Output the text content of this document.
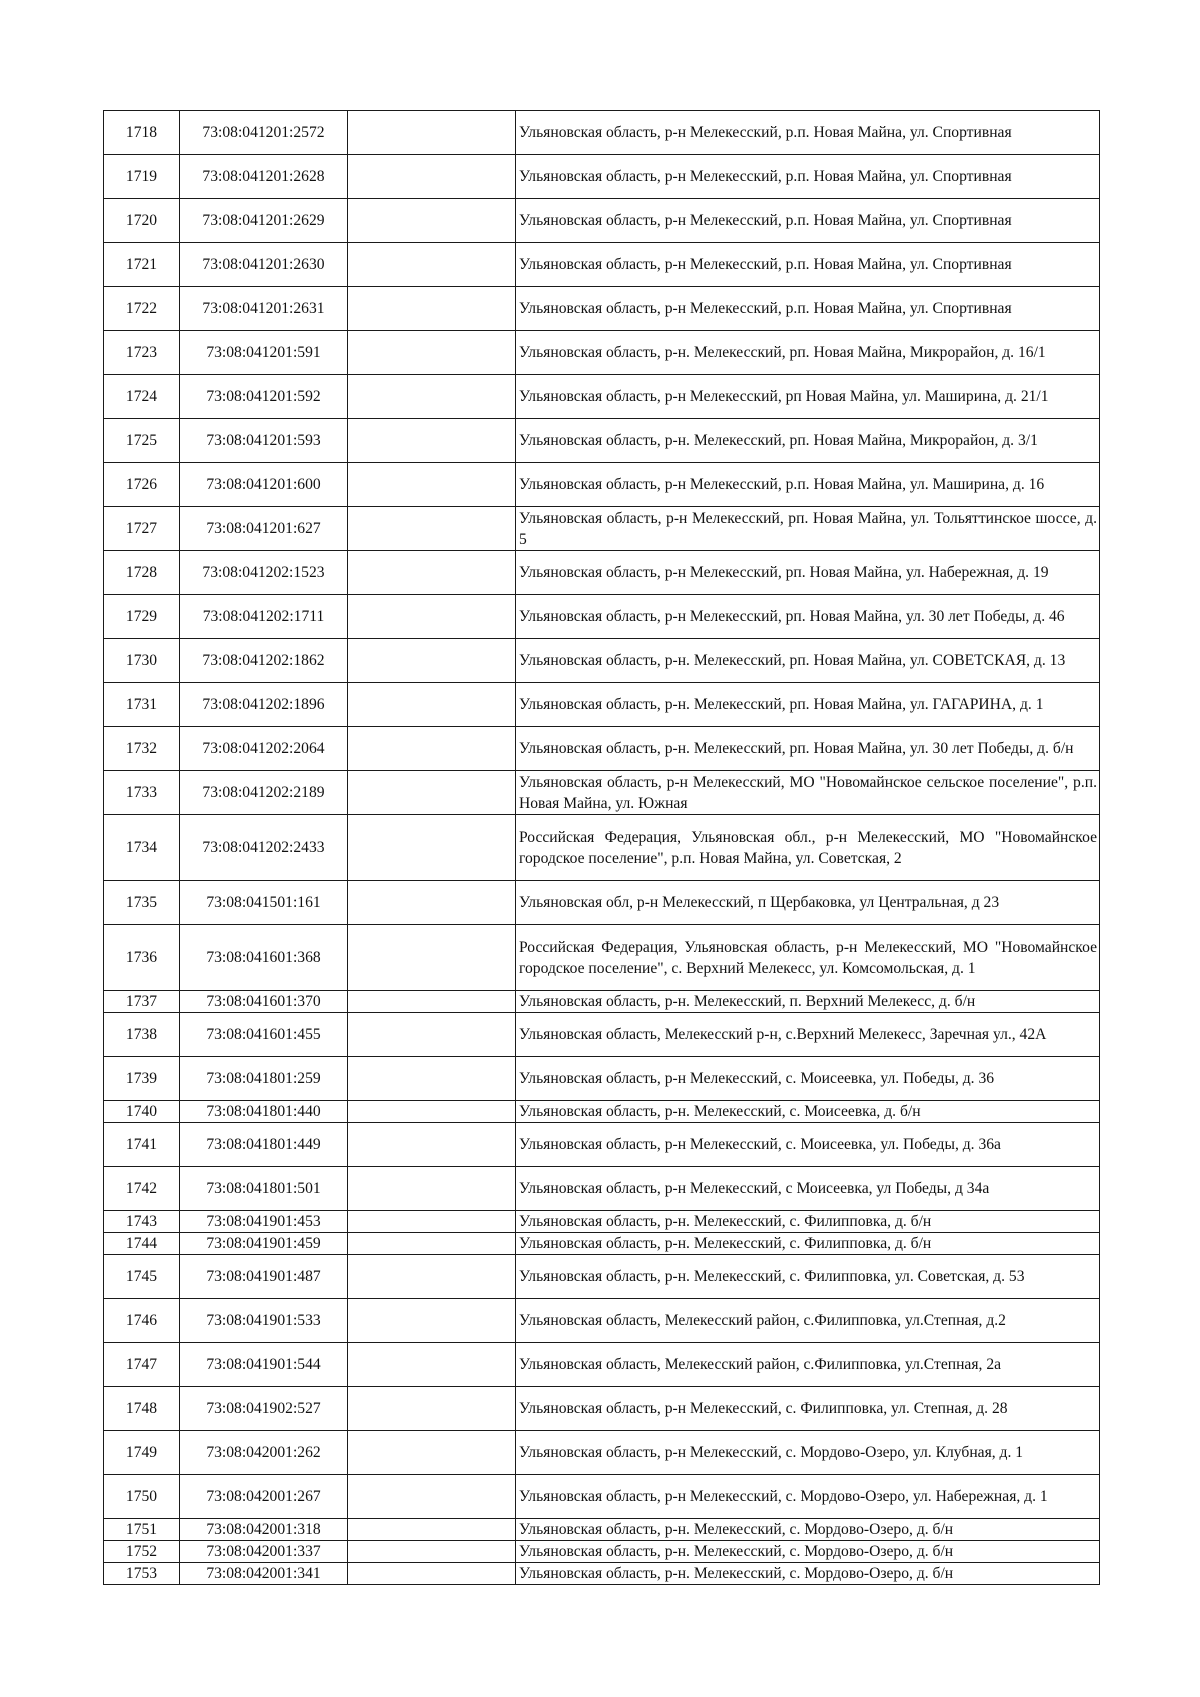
1718	73:08:041201:2572		Ульяновская область, р-н Мелекесский, р.п. Новая Майна, ул. Спортивная
1719	73:08:041201:2628		Ульяновская область, р-н Мелекесский, р.п. Новая Майна, ул. Спортивная
1720	73:08:041201:2629		Ульяновская область, р-н Мелекесский, р.п. Новая Майна, ул. Спортивная
1721	73:08:041201:2630		Ульяновская область, р-н Мелекесский, р.п. Новая Майна, ул. Спортивная
1722	73:08:041201:2631		Ульяновская область, р-н Мелекесский, р.п. Новая Майна, ул. Спортивная
1723	73:08:041201:591		Ульяновская область, р-н. Мелекесский, рп. Новая Майна, Микрорайон, д. 16/1
1724	73:08:041201:592		Ульяновская область, р-н Мелекесский, рп Новая Майна, ул. Маширина, д. 21/1
1725	73:08:041201:593		Ульяновская область, р-н. Мелекесский, рп. Новая Майна, Микрорайон, д. 3/1
1726	73:08:041201:600		Ульяновская область, р-н Мелекесский, р.п. Новая Майна, ул. Маширина, д. 16
1727	73:08:041201:627		Ульяновская область, р-н Мелекесский, рп. Новая Майна, ул. Тольяттинское шоссе, д. 5
1728	73:08:041202:1523		Ульяновская область, р-н Мелекесский, рп. Новая Майна, ул. Набережная, д. 19
1729	73:08:041202:1711		Ульяновская область, р-н Мелекесский, рп. Новая Майна, ул. 30 лет Победы, д. 46
1730	73:08:041202:1862		Ульяновская область, р-н. Мелекесский, рп. Новая Майна, ул. СОВЕТСКАЯ, д. 13
1731	73:08:041202:1896		Ульяновская область, р-н. Мелекесский, рп. Новая Майна, ул. ГАГАРИНА, д. 1
1732	73:08:041202:2064		Ульяновская область, р-н. Мелекесский, рп. Новая Майна, ул. 30 лет Победы, д. б/н
1733	73:08:041202:2189		Ульяновская область, р-н Мелекесский, МО "Новомайнское сельское поселение", р.п. Новая Майна, ул. Южная
1734	73:08:041202:2433		Российская Федерация, Ульяновская обл., р-н Мелекесский, МО "Новомайнское городское поселение", р.п. Новая Майна, ул. Советская, 2
1735	73:08:041501:161		Ульяновская обл, р-н Мелекесский, п Щербаковка, ул Центральная, д 23
1736	73:08:041601:368		Российская Федерация, Ульяновская область, р-н Мелекесский, МО "Новомайнское городское поселение", с. Верхний Мелекесс, ул. Комсомольская, д. 1
1737	73:08:041601:370		Ульяновская область, р-н. Мелекесский, п. Верхний Мелекесс, д. б/н
1738	73:08:041601:455		Ульяновская область, Мелекесский р-н, с.Верхний Мелекесс, Заречная ул., 42А
1739	73:08:041801:259		Ульяновская область, р-н Мелекесский, с. Моисеевка, ул. Победы, д. 36
1740	73:08:041801:440		Ульяновская область, р-н. Мелекесский, с. Моисеевка, д. б/н
1741	73:08:041801:449		Ульяновская область, р-н Мелекесский, с. Моисеевка, ул. Победы, д. 36а
1742	73:08:041801:501		Ульяновская область, р-н Мелекесский, с Моисеевка, ул Победы, д 34а
1743	73:08:041901:453		Ульяновская область, р-н. Мелекесский, с. Филипповка, д. б/н
1744	73:08:041901:459		Ульяновская область, р-н. Мелекесский, с. Филипповка, д. б/н
1745	73:08:041901:487		Ульяновская область, р-н. Мелекесский, с. Филипповка, ул. Советская, д. 53
1746	73:08:041901:533		Ульяновская область, Мелекесский район, с.Филипповка, ул.Степная, д.2
1747	73:08:041901:544		Ульяновская область, Мелекесский район, с.Филипповка, ул.Степная, 2а
1748	73:08:041902:527		Ульяновская область, р-н Мелекесский, с. Филипповка, ул. Степная, д. 28
1749	73:08:042001:262		Ульяновская область, р-н Мелекесский, с. Мордово-Озеро, ул. Клубная, д. 1
1750	73:08:042001:267		Ульяновская область, р-н Мелекесский, с. Мордово-Озеро, ул. Набережная, д. 1
1751	73:08:042001:318		Ульяновская область, р-н. Мелекесский, с. Мордово-Озеро, д. б/н
1752	73:08:042001:337		Ульяновская область, р-н. Мелекесский, с. Мордово-Озеро, д. б/н
1753	73:08:042001:341		Ульяновская область, р-н. Мелекесский, с. Мордово-Озеро, д. б/н
